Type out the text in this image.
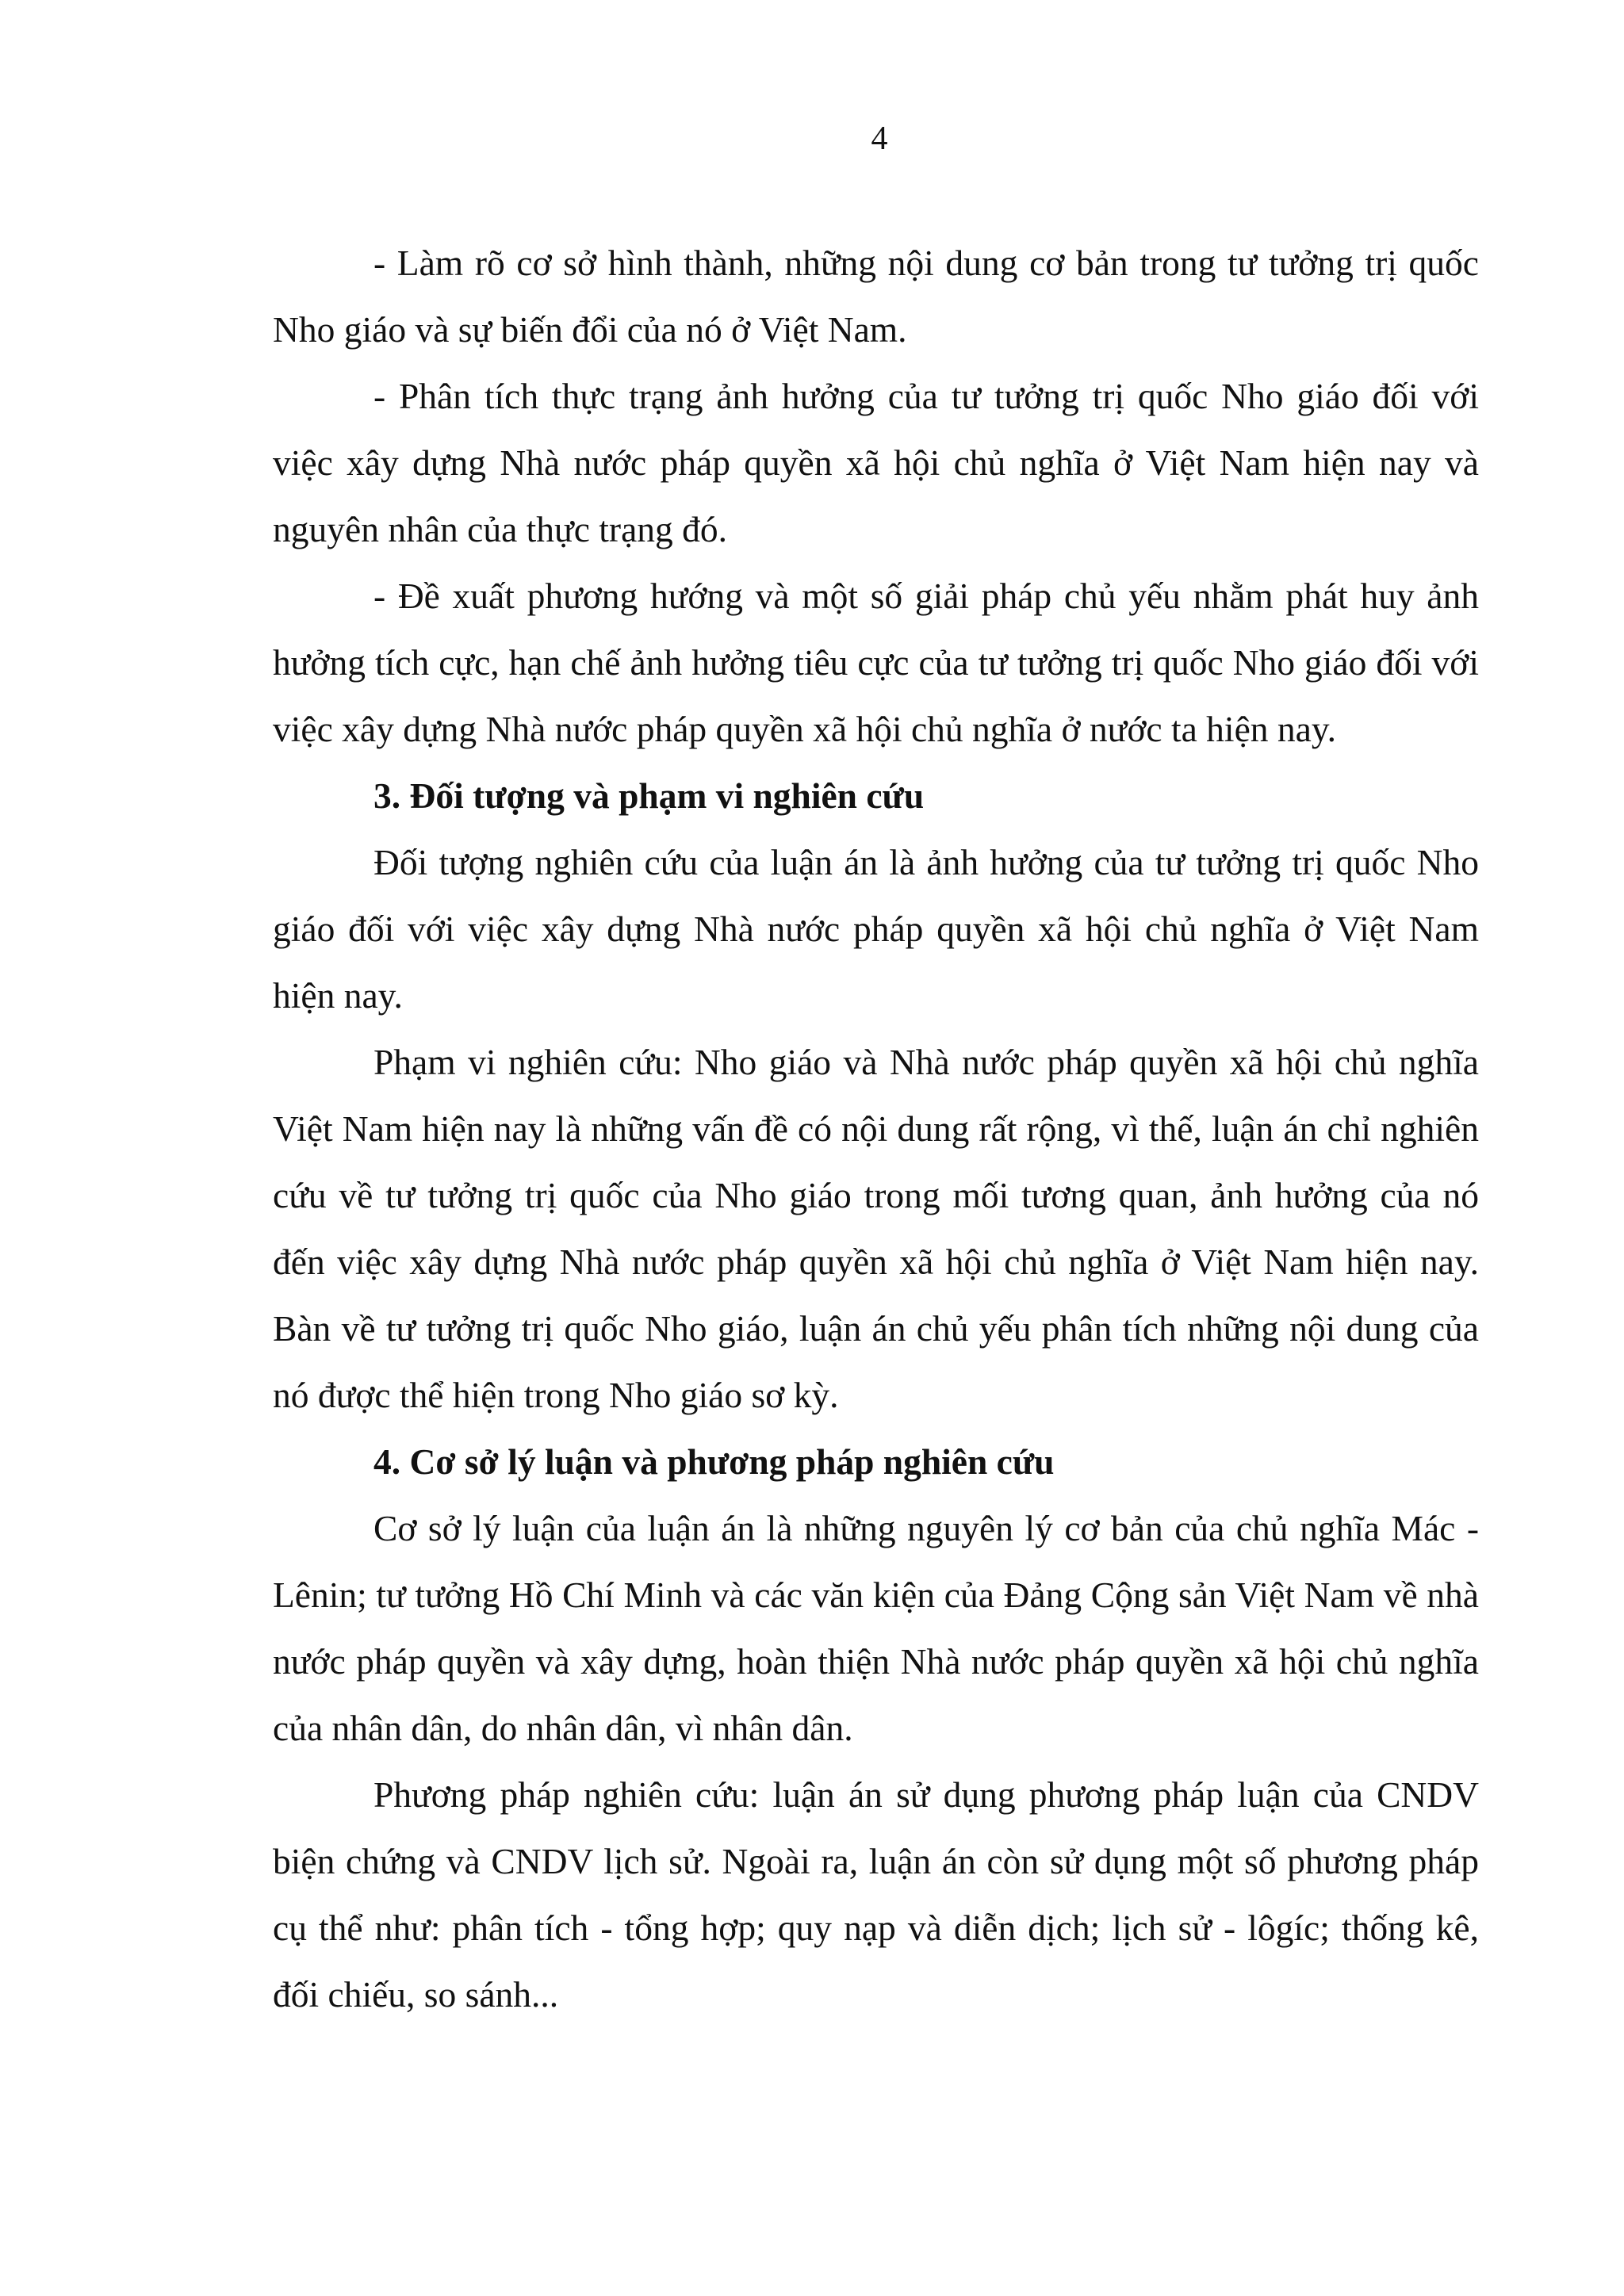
4

- Làm rõ cơ sở hình thành, những nội dung cơ bản trong tư tưởng trị quốc Nho giáo và sự biến đổi của nó ở Việt Nam.

- Phân tích thực trạng ảnh hưởng của tư tưởng trị quốc Nho giáo đối với việc xây dựng Nhà nước pháp quyền xã hội chủ nghĩa ở Việt Nam hiện nay và nguyên nhân của thực trạng đó.

- Đề xuất phương hướng và một số giải pháp chủ yếu nhằm phát huy ảnh hưởng tích cực, hạn chế ảnh hưởng tiêu cực của tư tưởng trị quốc Nho giáo đối với việc xây dựng Nhà nước pháp quyền xã hội chủ nghĩa ở nước ta hiện nay.

3. Đối tượng và phạm vi nghiên cứu

Đối tượng nghiên cứu của luận án là ảnh hưởng của tư tưởng trị quốc Nho giáo đối với việc xây dựng Nhà nước pháp quyền xã hội chủ nghĩa ở Việt Nam hiện nay.

Phạm vi nghiên cứu: Nho giáo và Nhà nước pháp quyền xã hội chủ nghĩa Việt Nam hiện nay là những vấn đề có nội dung rất rộng, vì thế, luận án chỉ nghiên cứu về tư tưởng trị quốc của Nho giáo trong mối tương quan, ảnh hưởng của nó đến việc xây dựng Nhà nước pháp quyền xã hội chủ nghĩa ở Việt Nam hiện nay. Bàn về tư tưởng trị quốc Nho giáo, luận án chủ yếu phân tích những nội dung của nó được thể hiện trong Nho giáo sơ kỳ.

4. Cơ sở lý luận và phương pháp nghiên cứu

Cơ sở lý luận của luận án là những nguyên lý cơ bản của chủ nghĩa Mác - Lênin; tư tưởng Hồ Chí Minh và các văn kiện của Đảng Cộng sản Việt Nam về nhà nước pháp quyền và xây dựng, hoàn thiện Nhà nước pháp quyền xã hội chủ nghĩa của nhân dân, do nhân dân, vì nhân dân.

Phương pháp nghiên cứu: luận án sử dụng phương pháp luận của CNDV biện chứng và CNDV lịch sử. Ngoài ra, luận án còn sử dụng một số phương pháp cụ thể như: phân tích - tổng hợp; quy nạp và diễn dịch; lịch sử - lôgíc; thống kê, đối chiếu, so sánh...
